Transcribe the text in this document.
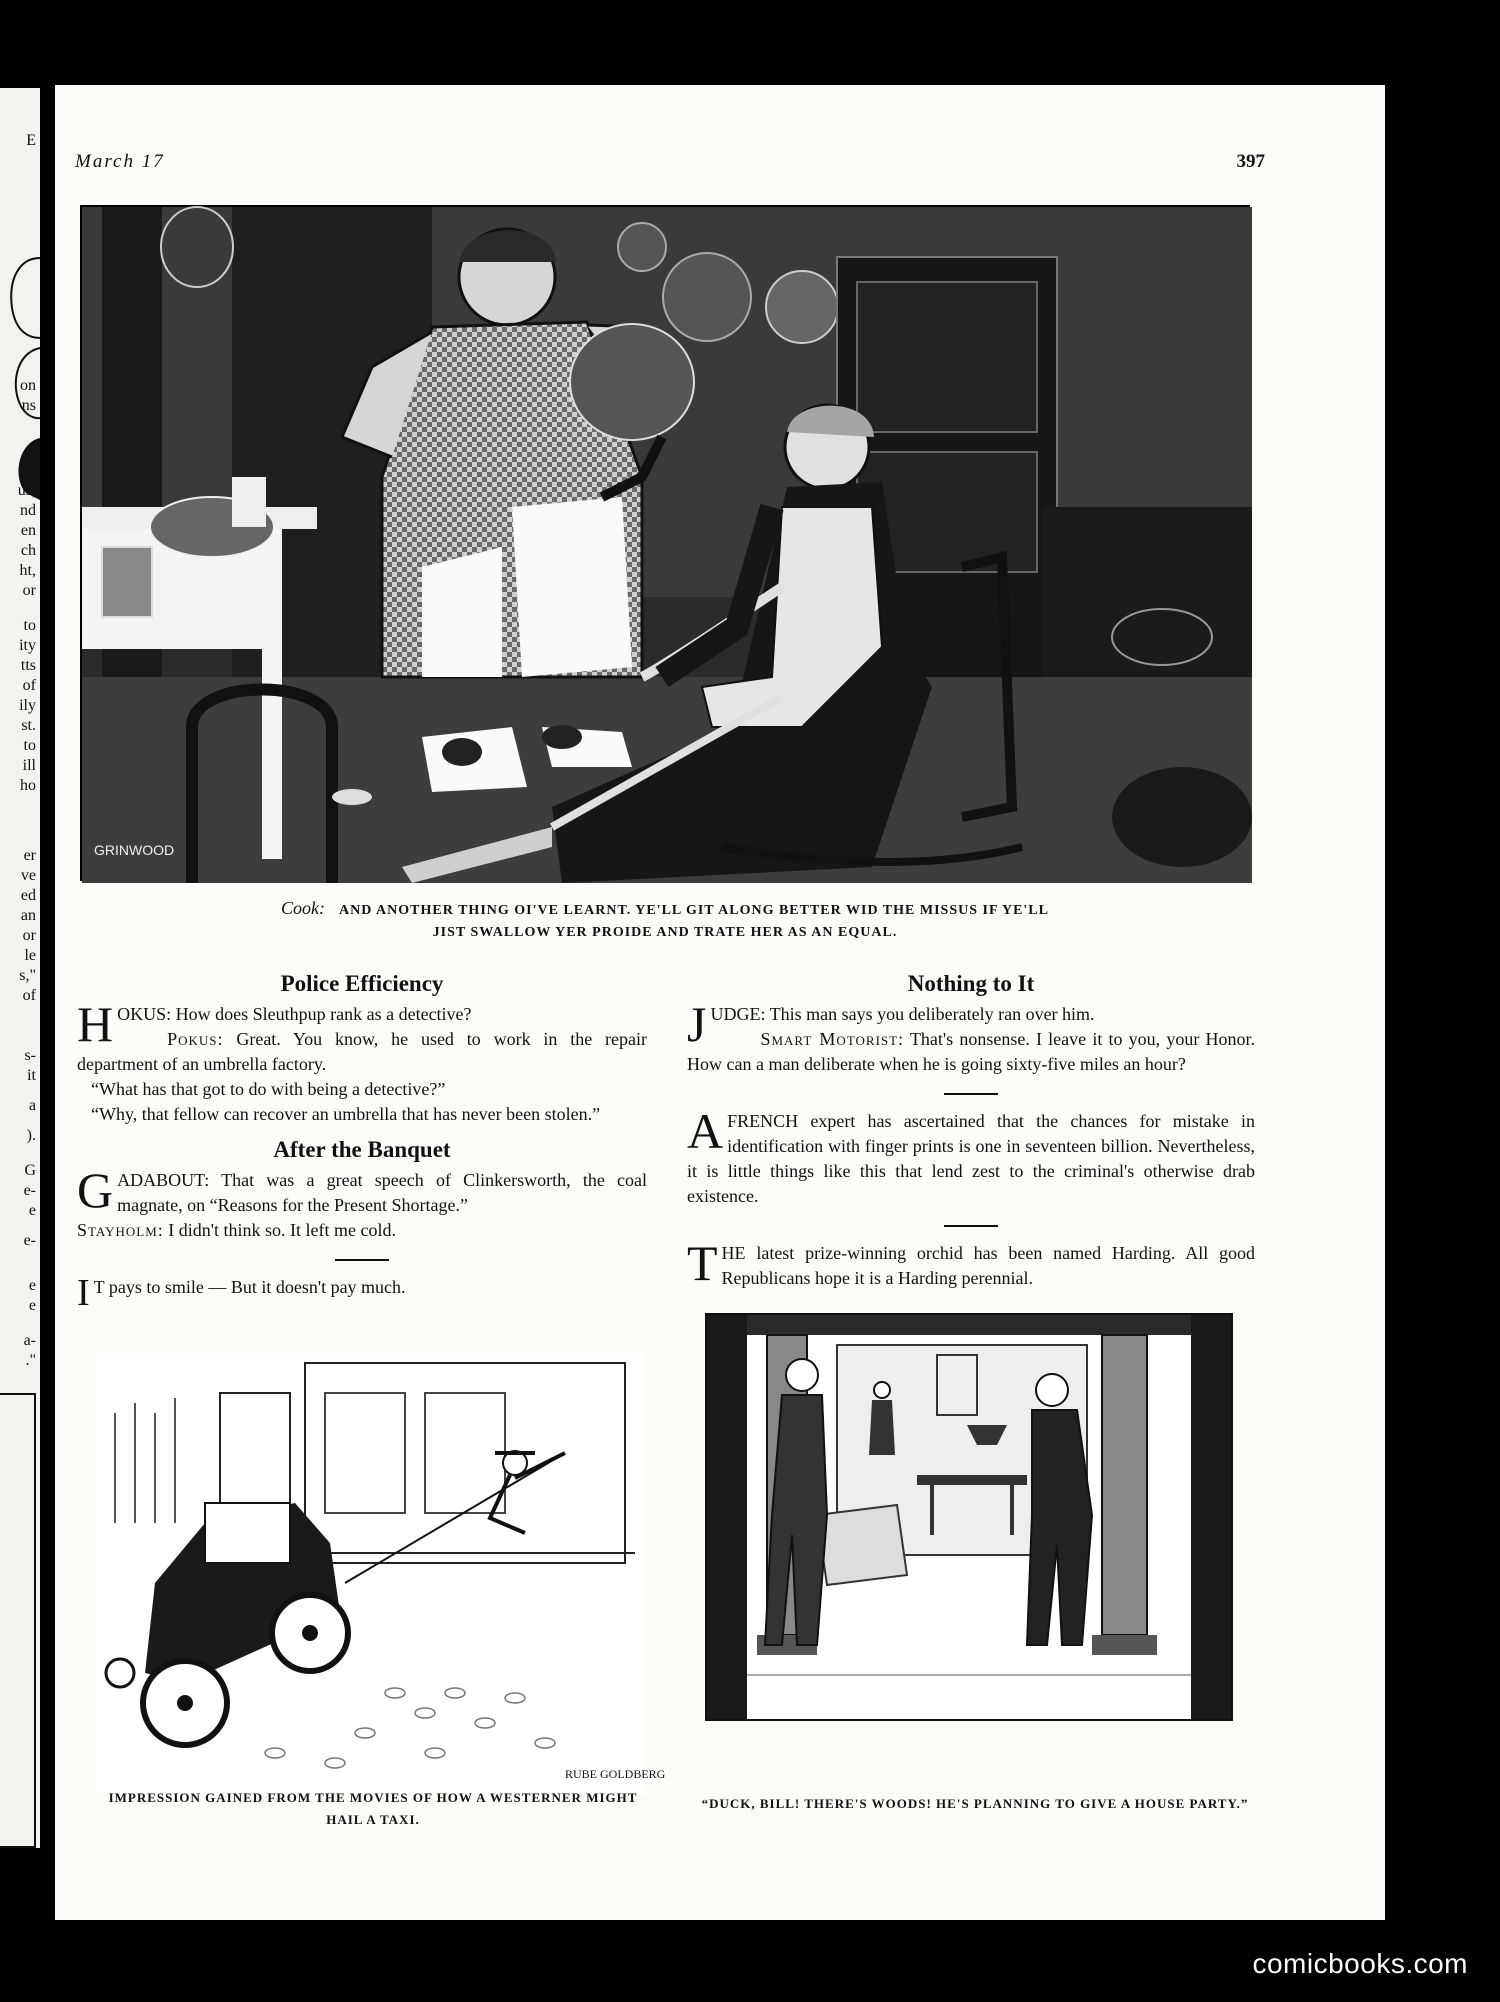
E
on
ns
is
us,
nd
en
ch
ht,
or
to
ity
tts
of
ily
st.
to
ill
ho
er
ve
ed
an
or
le
s,"
of
s-
it
a
).
G
e-
e
e-
e
e
a-
."
March 17	397
GRINWOOD
Cook: AND ANOTHER THING OI'VE LEARNT. YE'LL GIT ALONG BETTER WID THE MISSUS IF YE'LL
JIST SWALLOW YER PROIDE AND TRATE HER AS AN EQUAL.
Police Efficiency

HOKUS: How does Sleuthpup rank as a detective?

Pokus: Great. You know, he used to work in the repair department of an umbrella factory.

“What has that got to do with being a detective?”

“Why, that fellow can recover an umbrella that has never been stolen.”

After the Banquet

GADABOUT: That was a great speech of Clinkersworth, the coal magnate, on “Reasons for the Present Shortage.”

Stayholm: I didn't think so. It left me cold.

I T pays to smile — But it doesn't pay much.

Nothing to It

JUDGE: This man says you deliberately ran over him.

Smart Motorist: That's nonsense. I leave it to you, your Honor. How can a man deliberate when he is going sixty-five miles an hour?

A FRENCH expert has ascertained that the chances for mistake in identification with finger prints is one in seventeen billion. Nevertheless, it is little things like this that lend zest to the criminal's otherwise drab existence.

THE latest prize-winning orchid has been named Harding. All good Republicans hope it is a Harding perennial.

RUBE GOLDBERG
IMPRESSION GAINED FROM THE MOVIES OF HOW A WESTERNER MIGHT HAIL A TAXI.
“DUCK, BILL! THERE'S WOODS! HE'S PLANNING TO GIVE A HOUSE PARTY.”
comicbooks.com
